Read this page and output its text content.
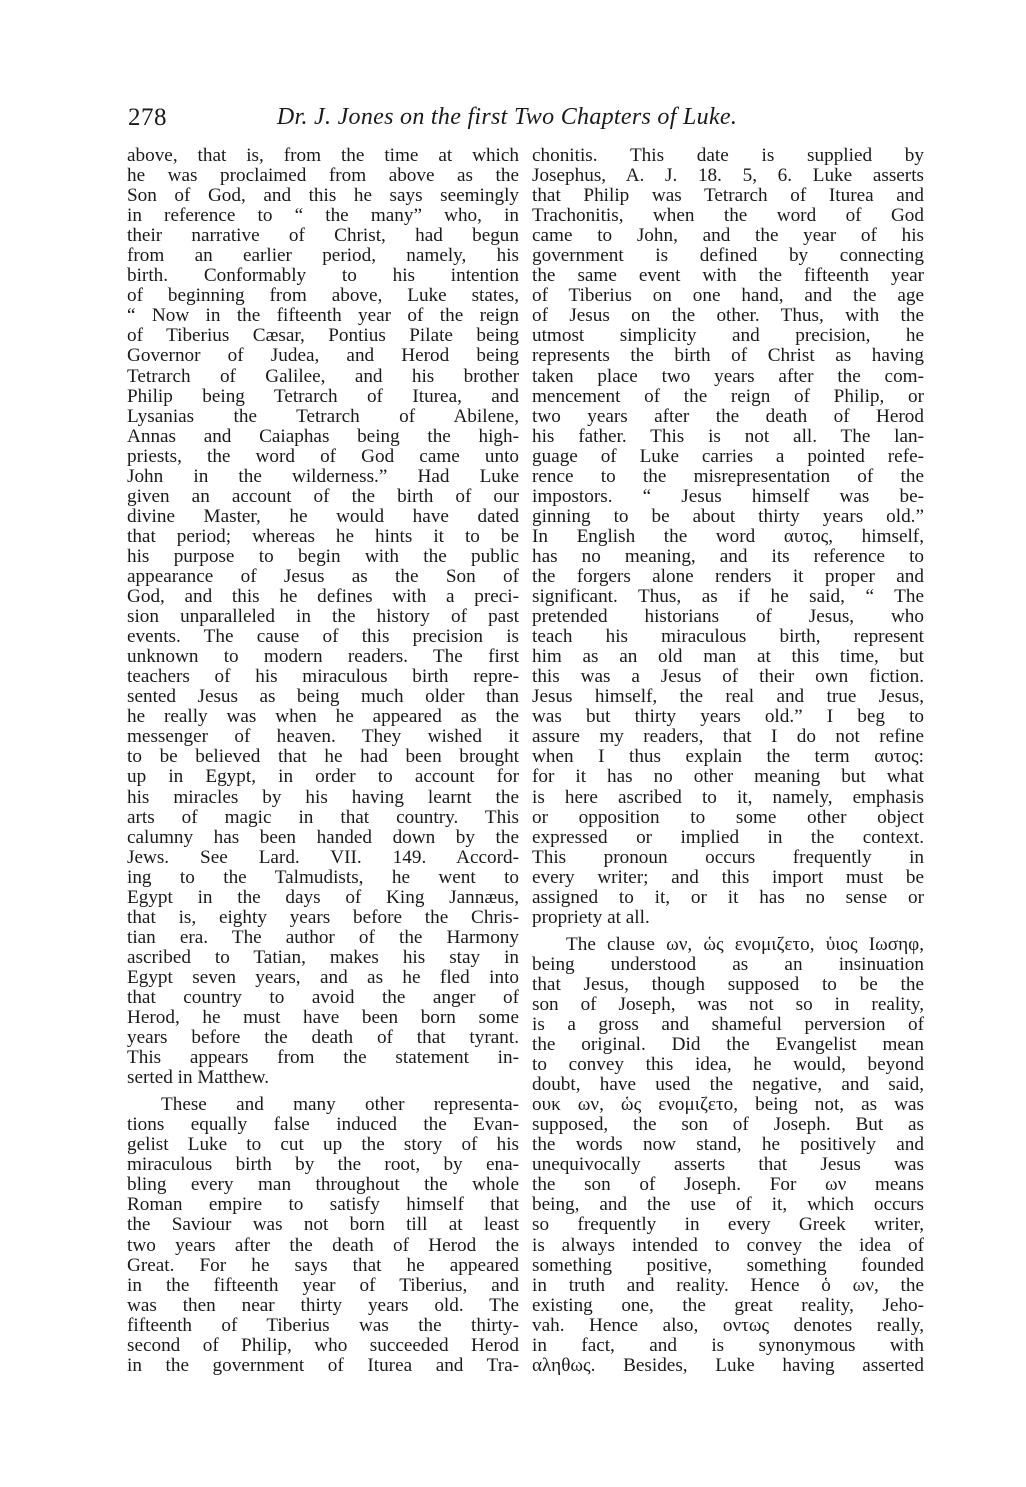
278	Dr. J. Jones on the first Two Chapters of Luke.
above, that is, from the time at which
he was proclaimed from above as the
Son of God, and this he says seemingly
in reference to “ the many” who, in
their narrative of Christ, had begun
from an earlier period, namely, his
birth. Conformably to his intention
of beginning from above, Luke states,
“ Now in the fifteenth year of the reign
of Tiberius Cæsar, Pontius Pilate being
Governor of Judea, and Herod being
Tetrarch of Galilee, and his brother
Philip being Tetrarch of Iturea, and
Lysanias the Tetrarch of Abilene,
Annas and Caiaphas being the high-
priests, the word of God came unto
John in the wilderness.” Had Luke
given an account of the birth of our
divine Master, he would have dated
that period; whereas he hints it to be
his purpose to begin with the public
appearance of Jesus as the Son of
God, and this he defines with a preci-
sion unparalleled in the history of past
events. The cause of this precision is
unknown to modern readers. The first
teachers of his miraculous birth repre-
sented Jesus as being much older than
he really was when he appeared as the
messenger of heaven. They wished it
to be believed that he had been brought
up in Egypt, in order to account for
his miracles by his having learnt the
arts of magic in that country. This
calumny has been handed down by the
Jews. See Lard. VII. 149. Accord-
ing to the Talmudists, he went to
Egypt in the days of King Jannæus,
that is, eighty years before the Chris-
tian era. The author of the Harmony
ascribed to Tatian, makes his stay in
Egypt seven years, and as he fled into
that country to avoid the anger of
Herod, he must have been born some
years before the death of that tyrant.
This appears from the statement in-
serted in Matthew.
These and many other representa-
tions equally false induced the Evan-
gelist Luke to cut up the story of his
miraculous birth by the root, by ena-
bling every man throughout the whole
Roman empire to satisfy himself that
the Saviour was not born till at least
two years after the death of Herod the
Great. For he says that he appeared
in the fifteenth year of Tiberius, and
was then near thirty years old. The
fifteenth of Tiberius was the thirty-
second of Philip, who succeeded Herod
in the government of Iturea and Tra-
chonitis. This date is supplied by
Josephus, A. J. 18. 5, 6. Luke asserts
that Philip was Tetrarch of Iturea and
Trachonitis, when the word of God
came to John, and the year of his
government is defined by connecting
the same event with the fifteenth year
of Tiberius on one hand, and the age
of Jesus on the other. Thus, with the
utmost simplicity and precision, he
represents the birth of Christ as having
taken place two years after the com-
mencement of the reign of Philip, or
two years after the death of Herod
his father. This is not all. The lan-
guage of Luke carries a pointed refe-
rence to the misrepresentation of the
impostors. “ Jesus himself was be-
ginning to be about thirty years old.”
In English the word αυτος, himself,
has no meaning, and its reference to
the forgers alone renders it proper and
significant. Thus, as if he said, “ The
pretended historians of Jesus, who
teach his miraculous birth, represent
him as an old man at this time, but
this was a Jesus of their own fiction.
Jesus himself, the real and true Jesus,
was but thirty years old.” I beg to
assure my readers, that I do not refine
when I thus explain the term αυτος:
for it has no other meaning but what
is here ascribed to it, namely, emphasis
or opposition to some other object
expressed or implied in the context.
This pronoun occurs frequently in
every writer; and this import must be
assigned to it, or it has no sense or
propriety at all.
The clause ων, ὡς ενομιζετο, ὑιος Ιωσηφ,
being understood as an insinuation
that Jesus, though supposed to be the
son of Joseph, was not so in reality,
is a gross and shameful perversion of
the original. Did the Evangelist mean
to convey this idea, he would, beyond
doubt, have used the negative, and said,
ουκ ων, ὡς ενομιζετο, being not, as was
supposed, the son of Joseph. But as
the words now stand, he positively and
unequivocally asserts that Jesus was
the son of Joseph. For ων means
being, and the use of it, which occurs
so frequently in every Greek writer,
is always intended to convey the idea of
something positive, something founded
in truth and reality. Hence ὁ ων, the
existing one, the great reality, Jeho-
vah. Hence also, οντως denotes really,
in fact, and is synonymous with
αληθως. Besides, Luke having asserted
